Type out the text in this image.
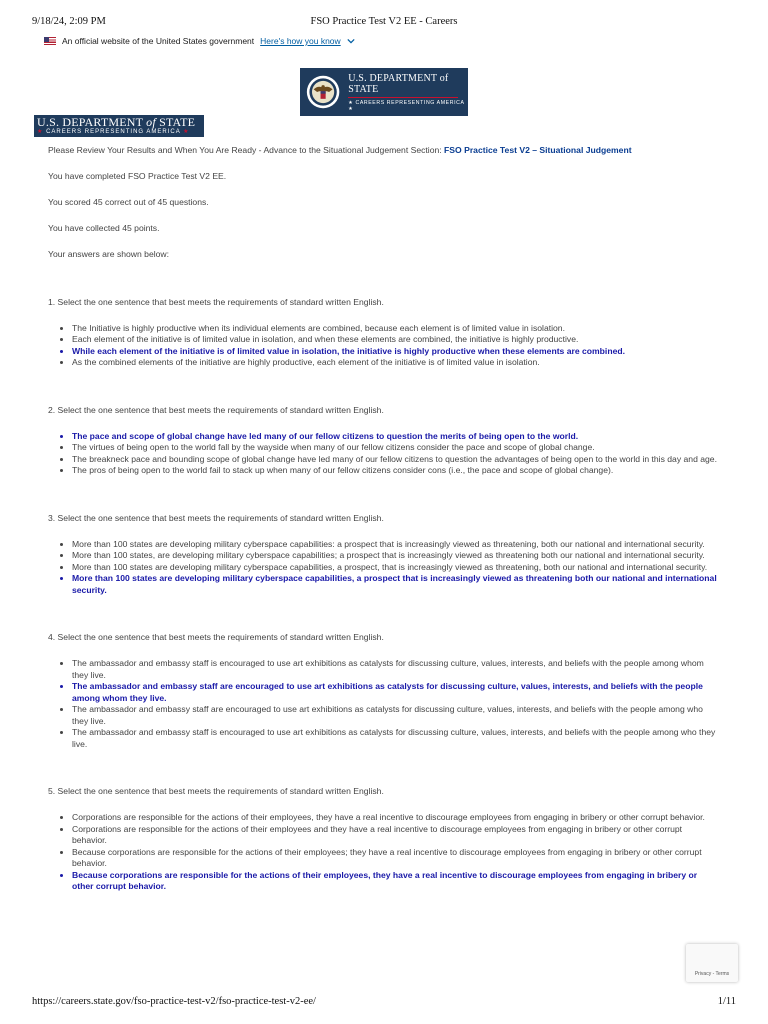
9/18/24, 2:09 PM	FSO Practice Test V2 EE - Careers
An official website of the United States government Here's how you know
U.S. DEPARTMENT of STATE
★ CAREERS REPRESENTING AMERICA ★
U.S. DEPARTMENT of STATE
★ CAREERS REPRESENTING AMERICA ★

Please Review Your Results and When You Are Ready - Advance to the Situational Judgement Section: FSO Practice Test V2 – Situational Judgement

You have completed FSO Practice Test V2 EE.

You scored 45 correct out of 45 questions.

You have collected 45 points.

Your answers are shown below:

1. Select the one sentence that best meets the requirements of standard written English.

• The Initiative is highly productive when its individual elements are combined, because each element is of limited value in isolation.
• Each element of the initiative is of limited value in isolation, and when these elements are combined, the initiative is highly productive.
• While each element of the initiative is of limited value in isolation, the initiative is highly productive when these elements are combined.
• As the combined elements of the initiative are highly productive, each element of the initiative is of limited value in isolation.

2. Select the one sentence that best meets the requirements of standard written English.

• The pace and scope of global change have led many of our fellow citizens to question the merits of being open to the world.
• The virtues of being open to the world fall by the wayside when many of our fellow citizens consider the pace and scope of global change.
• The breakneck pace and bounding scope of global change have led many of our fellow citizens to question the advantages of being open to the world in this day and age.
• The pros of being open to the world fail to stack up when many of our fellow citizens consider cons (i.e., the pace and scope of global change).

3. Select the one sentence that best meets the requirements of standard written English.

• More than 100 states are developing military cyberspace capabilities: a prospect that is increasingly viewed as threatening, both our national and international security.
• More than 100 states, are developing military cyberspace capabilities; a prospect that is increasingly viewed as threatening both our national and international security.
• More than 100 states are developing military cyberspace capabilities, a prospect, that is increasingly viewed as threatening, both our national and international security.
• More than 100 states are developing military cyberspace capabilities, a prospect that is increasingly viewed as threatening both our national and international security.

4. Select the one sentence that best meets the requirements of standard written English.

• The ambassador and embassy staff is encouraged to use art exhibitions as catalysts for discussing culture, values, interests, and beliefs with the people among whom they live.
• The ambassador and embassy staff are encouraged to use art exhibitions as catalysts for discussing culture, values, interests, and beliefs with the people among whom they live.
• The ambassador and embassy staff are encouraged to use art exhibitions as catalysts for discussing culture, values, interests, and beliefs with the people among who they live.
• The ambassador and embassy staff is encouraged to use art exhibitions as catalysts for discussing culture, values, interests, and beliefs with the people among who they live.

5. Select the one sentence that best meets the requirements of standard written English.

• Corporations are responsible for the actions of their employees, they have a real incentive to discourage employees from engaging in bribery or other corrupt behavior.
• Corporations are responsible for the actions of their employees and they have a real incentive to discourage employees from engaging in bribery or other corrupt behavior.
• Because corporations are responsible for the actions of their employees; they have a real incentive to discourage employees from engaging in bribery or other corrupt behavior.
• Because corporations are responsible for the actions of their employees, they have a real incentive to discourage employees from engaging in bribery or other corrupt behavior.
Privacy - Terms
https://careers.state.gov/fso-practice-test-v2/fso-practice-test-v2-ee/	1/11
